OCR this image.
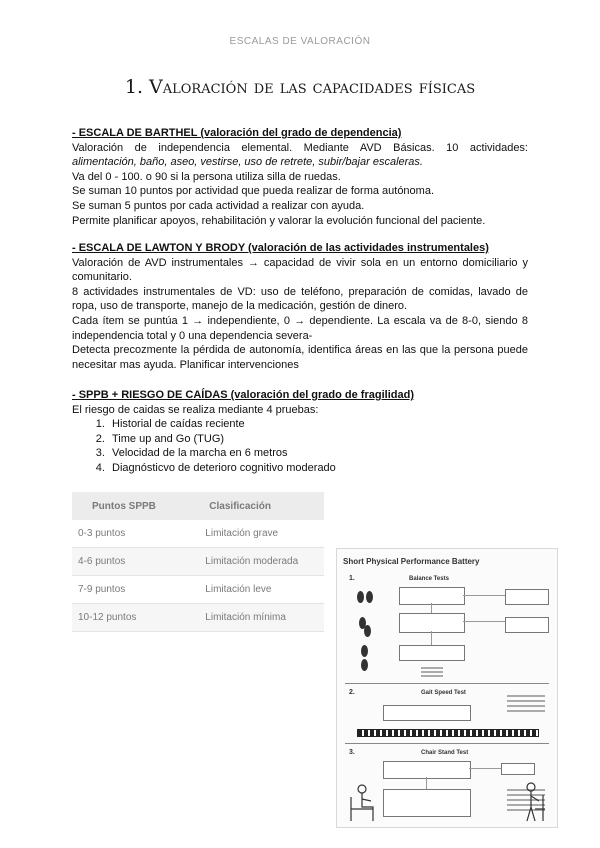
ESCALAS DE VALORACIÓN
1. Valoración de las capacidades físicas

- ESCALA DE BARTHEL (valoración del grado de dependencia)

Valoración de independencia elemental. Mediante AVD Básicas. 10 actividades:

alimentación, baño, aseo, vestirse, uso de retrete, subir/bajar escaleras.

Va del 0 - 100. o 90 si la persona utiliza silla de ruedas.

Se suman 10 puntos por actividad que pueda realizar de forma autónoma.

Se suman 5 puntos por cada actividad a realizar con ayuda.

Permite planificar apoyos, rehabilitación y valorar la evolución funcional del paciente.

- ESCALA DE LAWTON Y BRODY (valoración de las actividades instrumentales)

Valoración de AVD instrumentales → capacidad de vivir sola en un entorno domiciliario y comunitario.

8 actividades instrumentales de VD: uso de teléfono, preparación de comidas, lavado de ropa, uso de transporte, manejo de la medicación, gestión de dinero.

Cada ítem se puntúa 1 → independiente, 0 → dependiente. La escala va de 8-0, siendo 8 independencia total y 0 una dependencia severa-

Detecta precozmente la pérdida de autonomía, identifica áreas en las que la persona puede necesitar mas ayuda. Planificar intervenciones

- SPPB + RIESGO DE CAÍDAS (valoración del grado de fragilidad)

El riesgo de caidas se realiza mediante 4 pruebas:

1. Historial de caídas reciente
2. Time up and Go (TUG)
3. Velocidad de la marcha en 6 metros
4. Diagnósticvo de deterioro cognitivo moderado
Puntos SPPB	Clasificación
0-3 puntos	Limitación grave
4-6 puntos	Limitación moderada
7-9 puntos	Limitación leve
10-12 puntos	Limitación mínima
Short Physical Performance Battery
1.	Balance Tests
2.	Gait Speed Test
3.	Chair Stand Test
